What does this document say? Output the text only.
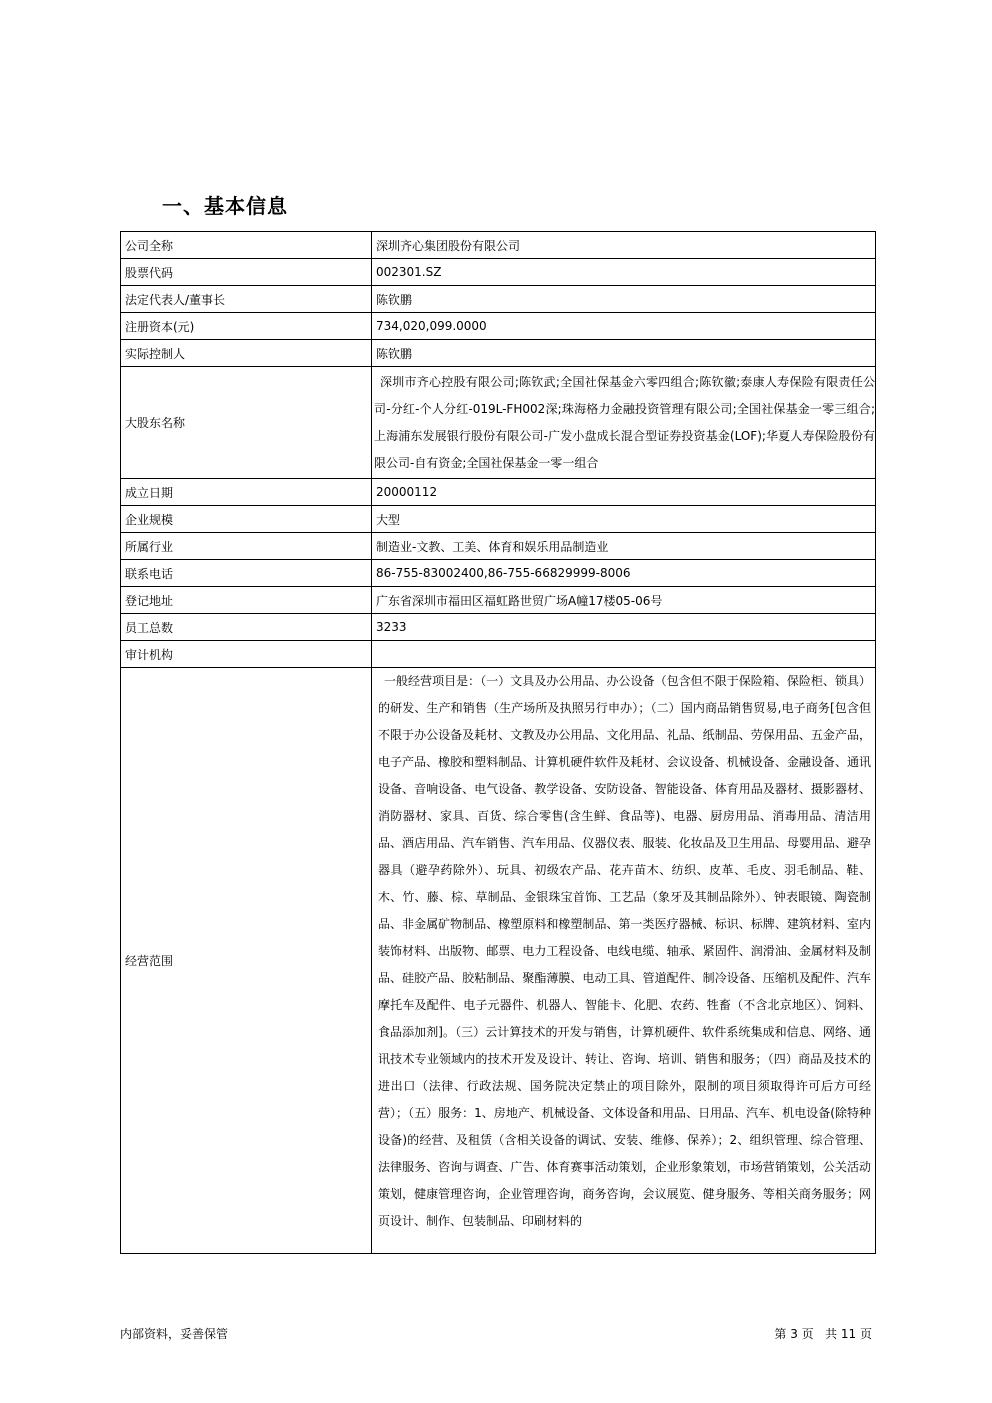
一、基本信息
公司全称	深圳齐心集团股份有限公司
股票代码	002301.SZ
法定代表人/董事长	陈钦鹏
注册资本(元)	734,020,099.0000
实际控制人	陈钦鹏
大股东名称	深圳市齐心控股有限公司;陈钦武;全国社保基金六零四组合;陈钦徽;泰康人寿保险有限责任公司-分红-个人分红-019L-FH002深;珠海格力金融投资管理有限公司;全国社保基金一零三组合;上海浦东发展银行股份有限公司-广发小盘成长混合型证券投资基金(LOF);华夏人寿保险股份有限公司-自有资金;全国社保基金一零一组合
成立日期	20000112
企业规模	大型
所属行业	制造业-文教、工美、体育和娱乐用品制造业
联系电话	86-755-83002400,86-755-66829999-8006
登记地址	广东省深圳市福田区福虹路世贸广场A幢17楼05-06号
员工总数	3233
审计机构	
经营范围	一般经营项目是：（一）文具及办公用品、办公设备（包含但不限于保险箱、保险柜、锁具）的研发、生产和销售（生产场所及执照另行申办）；（二）国内商品销售贸易,电子商务[包含但不限于办公设备及耗材、文教及办公用品、文化用品、礼品、纸制品、劳保用品、五金产品，电子产品、橡胶和塑料制品、计算机硬件软件及耗材、会议设备、机械设备、金融设备、通讯设备、音响设备、电气设备、教学设备、安防设备、智能设备、体育用品及器材、摄影器材、消防器材、家具、百货、综合零售(含生鲜、食品等)、电器、厨房用品、消毒用品、清洁用品、酒店用品、汽车销售、汽车用品、仪器仪表、服装、化妆品及卫生用品、母婴用品、避孕器具（避孕药除外）、玩具、初级农产品、花卉苗木、纺织、皮革、毛皮、羽毛制品、鞋、木、竹、藤、棕、草制品、金银珠宝首饰、工艺品（象牙及其制品除外）、钟表眼镜、陶瓷制品、非金属矿物制品、橡塑原料和橡塑制品、第一类医疗器械、标识、标牌、建筑材料、室内装饰材料、出版物、邮票、电力工程设备、电线电缆、轴承、紧固件、润滑油、金属材料及制品、硅胶产品、胶粘制品、聚酯薄膜、电动工具、管道配件、制冷设备、压缩机及配件、汽车摩托车及配件、电子元器件、机器人、智能卡、化肥、农药、牲畜（不含北京地区）、饲料、食品添加剂]。（三）云计算技术的开发与销售，计算机硬件、软件系统集成和信息、网络、通讯技术专业领域内的技术开发及设计、转让、咨询、培训、销售和服务；（四）商品及技术的进出口（法律、行政法规、国务院决定禁止的项目除外，限制的项目须取得许可后方可经营）；（五）服务：1、房地产、机械设备、文体设备和用品、日用品、汽车、机电设备(除特种设备)的经营、及租赁（含相关设备的调试、安装、维修、保养）；2、组织管理、综合管理、法律服务、咨询与调查、广告、体育赛事活动策划，企业形象策划，市场营销策划，公关活动策划，健康管理咨询，企业管理咨询，商务咨询，会议展览、健身服务、等相关商务服务；网页设计、制作、包装制品、印刷材料的
内部资料，妥善保管	第 3 页   共 11 页
